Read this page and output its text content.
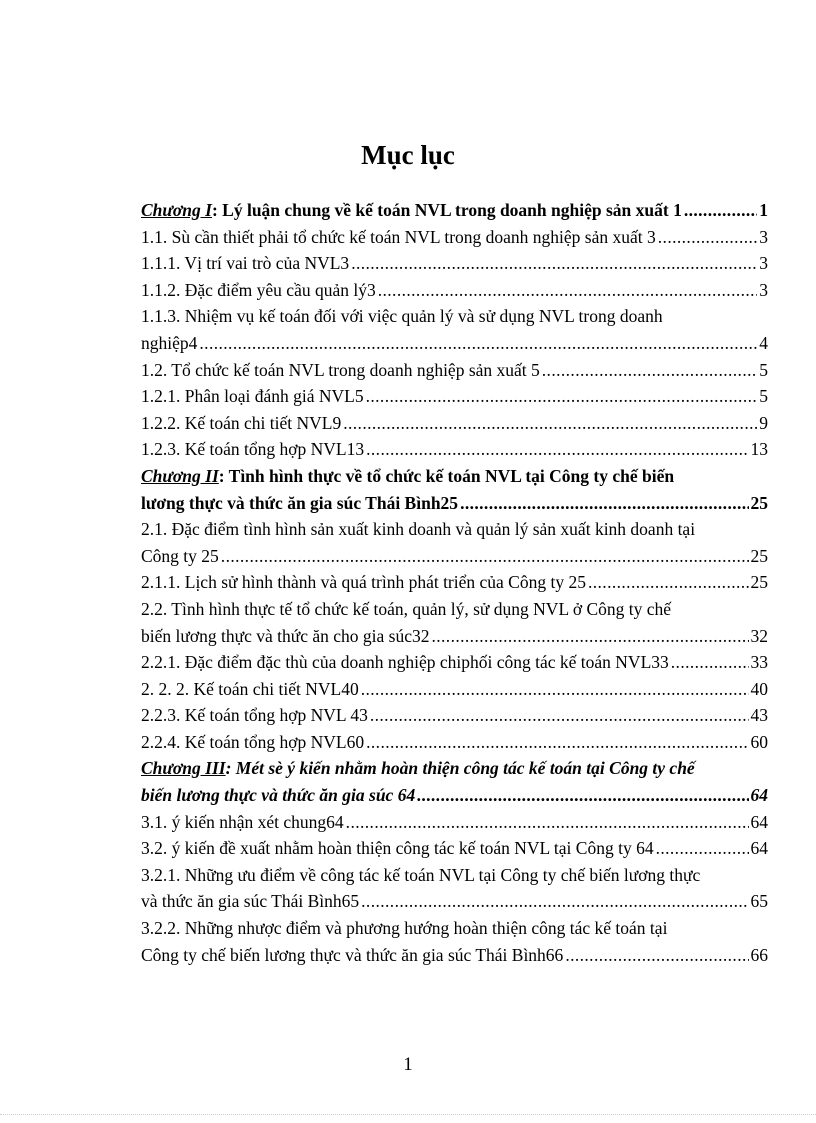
Mục lục
Chương I: Lý luận chung về kế toán NVL trong doanh nghiệp sản xuất 1 .....	1
1.1. Sù cần thiết phải tổ chức kế toán NVL trong doanh nghiệp sản xuất 3 .....	3
1.1.1. Vị trí vai trò của NVL3 .....	3
1.1.2. Đặc điểm yêu cầu quản lý3 .....	3
1.1.3. Nhiệm vụ kế toán đối với việc quản lý và sử dụng NVL trong doanh
nghiệp4 .....	4
1.2. Tổ chức kế toán NVL trong doanh nghiệp sản xuất 5 .....	5
1.2.1. Phân loại đánh giá NVL5 .....	5
1.2.2. Kế toán chi tiết NVL9 .....	9
1.2.3. Kế toán tổng hợp NVL13 .....	13
Chương II: Tình hình thực về tổ chức kế toán NVL tại Công ty chế biến
lương thực và thức ăn gia súc Thái Bình25 .....	25
2.1. Đặc điểm tình hình sản xuất kinh doanh và quản lý sản xuất kinh doanh tại
Công ty 25 .....	25
2.1.1. Lịch sử hình thành và quá trình phát triển của Công ty 25 .....	25
2.2. Tình hình thực tế tổ chức kế toán, quản lý, sử dụng NVL ở Công ty chế
biến lương thực và thức ăn cho gia súc32 .....	32
2.2.1. Đặc điểm đặc thù của doanh nghiệp chiphối công tác kế toán NVL33 .....	33
2. 2. 2. Kế toán chi tiết NVL40 .....	40
2.2.3. Kế toán tổng hợp NVL 43 .....	43
2.2.4. Kế toán tổng hợp NVL60 .....	60
Chương III: Mét sè ý kiến nhằm hoàn thiện công tác kế toán tại Công ty chế
biến lương thực và thức ăn gia súc 64 .....	64
3.1. ý kiến nhận xét chung64 .....	64
3.2. ý kiến đề xuất nhằm hoàn thiện công tác kế toán NVL tại Công ty 64 .....	64
3.2.1. Những ưu điểm về công tác kế toán NVL tại Công ty chế biến lương thực
và thức ăn gia súc Thái Bình65 .....	65
3.2.2. Những nhược điểm và phương hướng hoàn thiện công tác kế toán tại
Công ty chế biến lương thực và thức ăn gia súc Thái Bình66 .....	66
1
